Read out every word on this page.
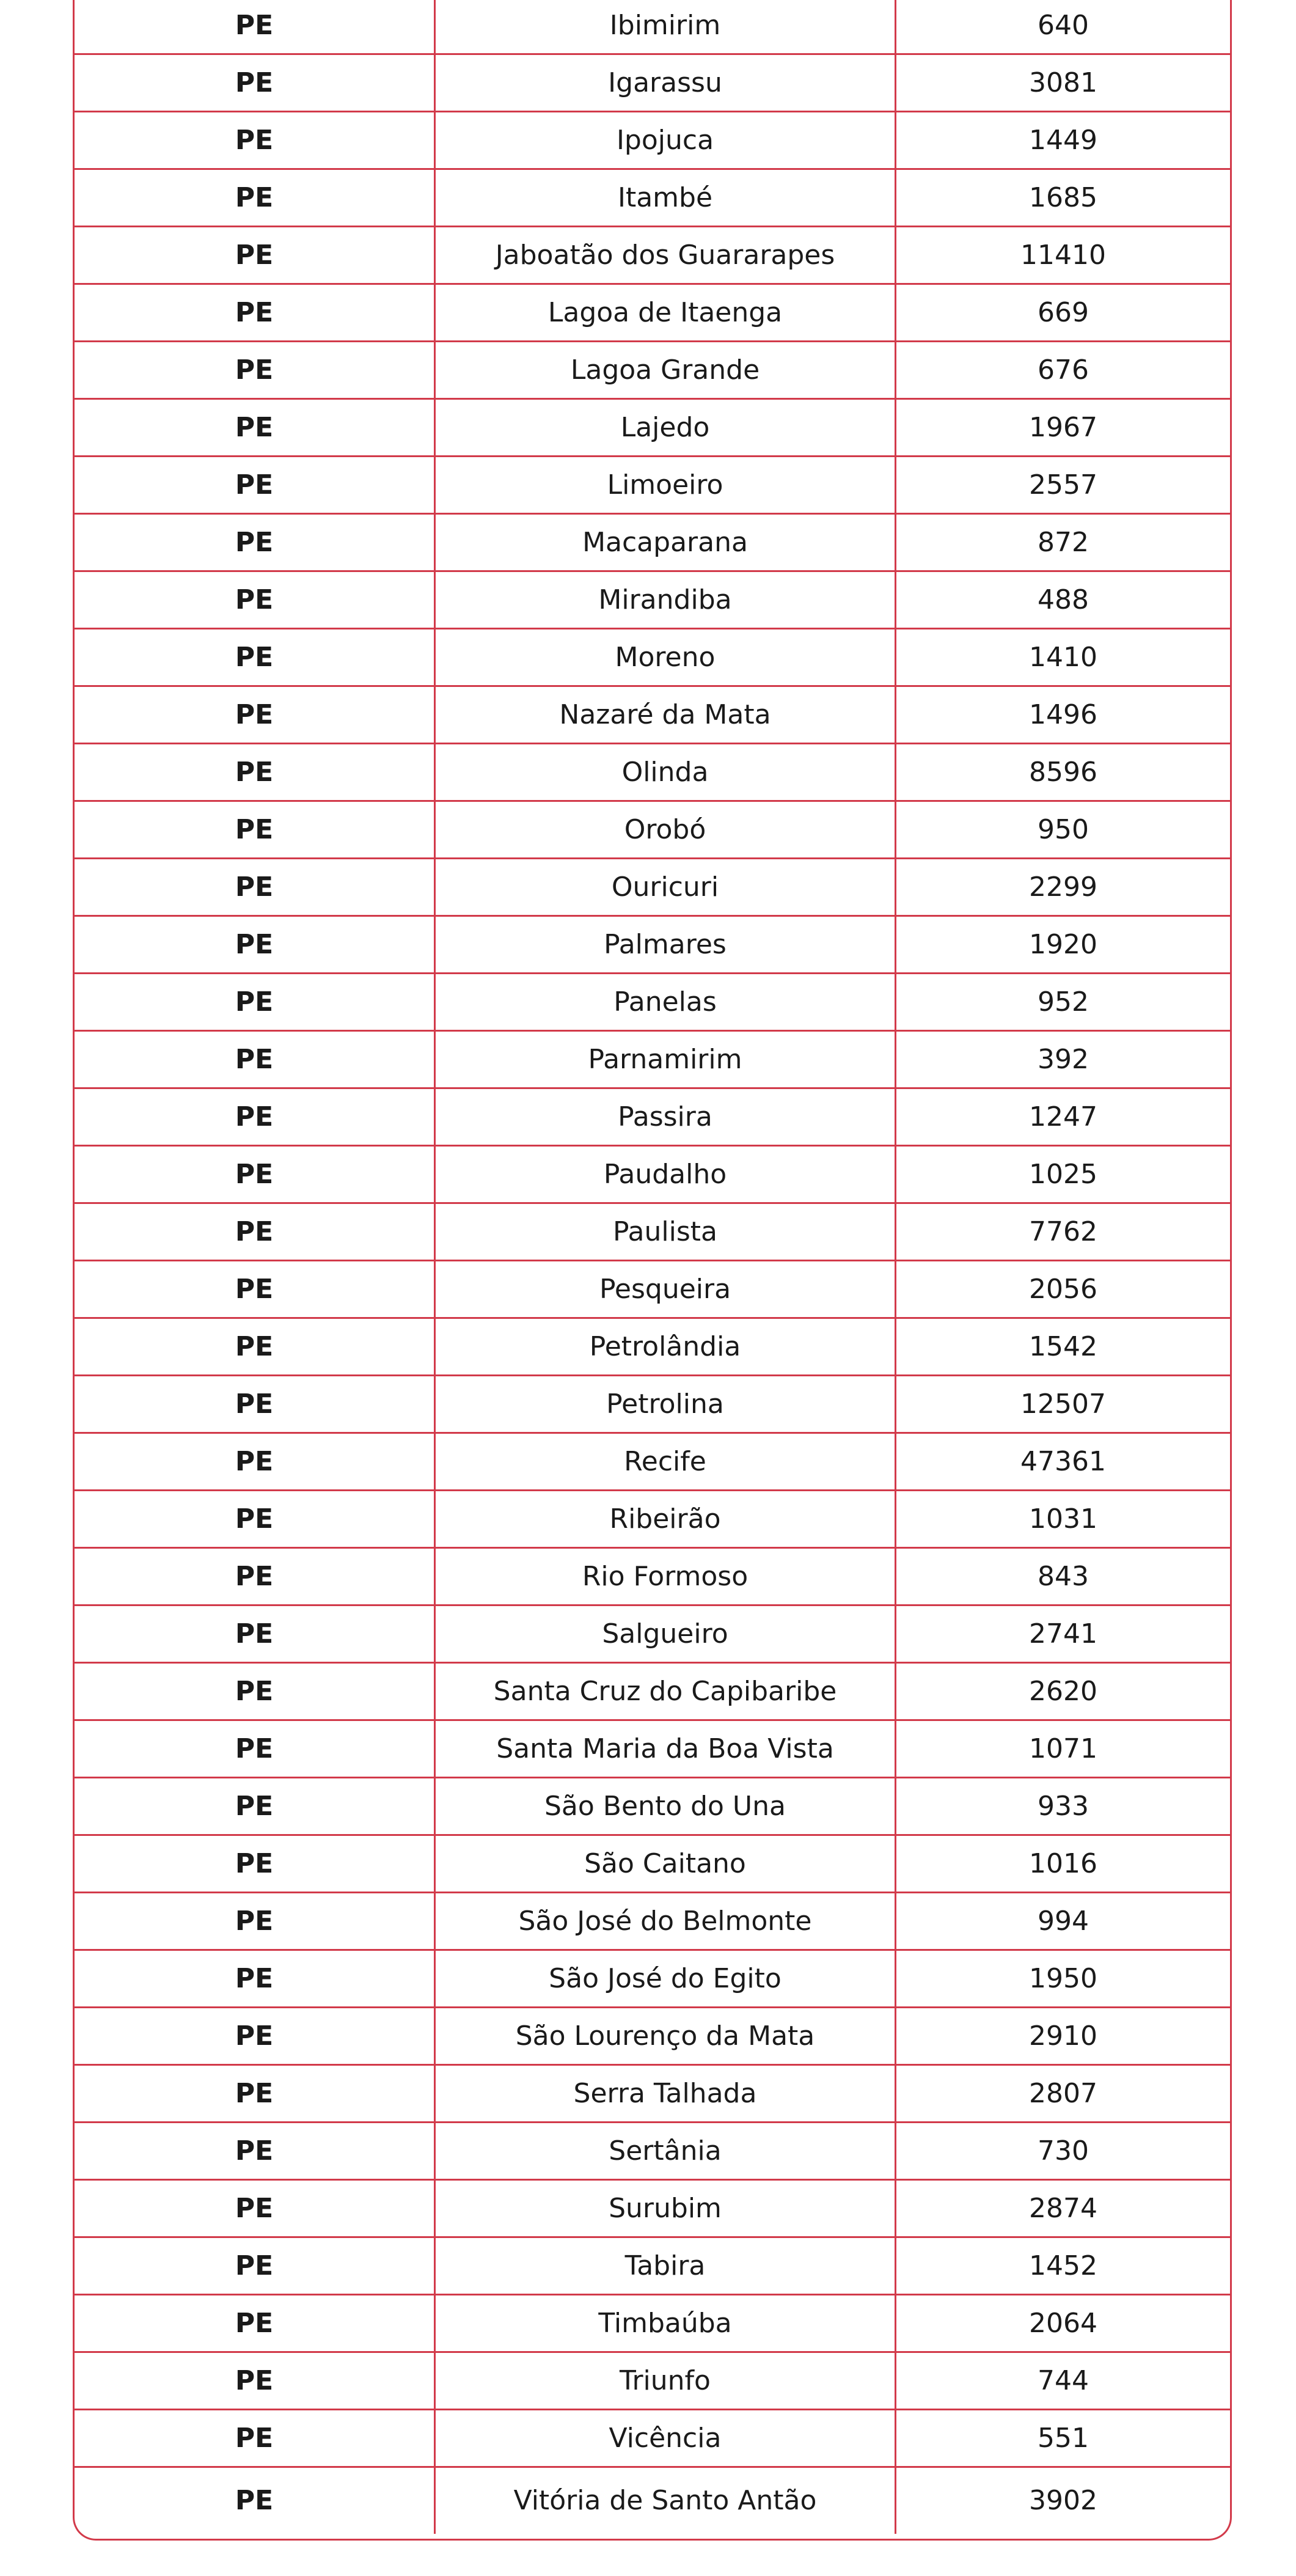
PE	Ibimirim	640
PE	Igarassu	3081
PE	Ipojuca	1449
PE	Itambé	1685
PE	Jaboatão dos Guararapes	11410
PE	Lagoa de Itaenga	669
PE	Lagoa Grande	676
PE	Lajedo	1967
PE	Limoeiro	2557
PE	Macaparana	872
PE	Mirandiba	488
PE	Moreno	1410
PE	Nazaré da Mata	1496
PE	Olinda	8596
PE	Orobó	950
PE	Ouricuri	2299
PE	Palmares	1920
PE	Panelas	952
PE	Parnamirim	392
PE	Passira	1247
PE	Paudalho	1025
PE	Paulista	7762
PE	Pesqueira	2056
PE	Petrolândia	1542
PE	Petrolina	12507
PE	Recife	47361
PE	Ribeirão	1031
PE	Rio Formoso	843
PE	Salgueiro	2741
PE	Santa Cruz do Capibaribe	2620
PE	Santa Maria da Boa Vista	1071
PE	São Bento do Una	933
PE	São Caitano	1016
PE	São José do Belmonte	994
PE	São José do Egito	1950
PE	São Lourenço da Mata	2910
PE	Serra Talhada	2807
PE	Sertânia	730
PE	Surubim	2874
PE	Tabira	1452
PE	Timbaúba	2064
PE	Triunfo	744
PE	Vicência	551
PE	Vitória de Santo Antão	3902
